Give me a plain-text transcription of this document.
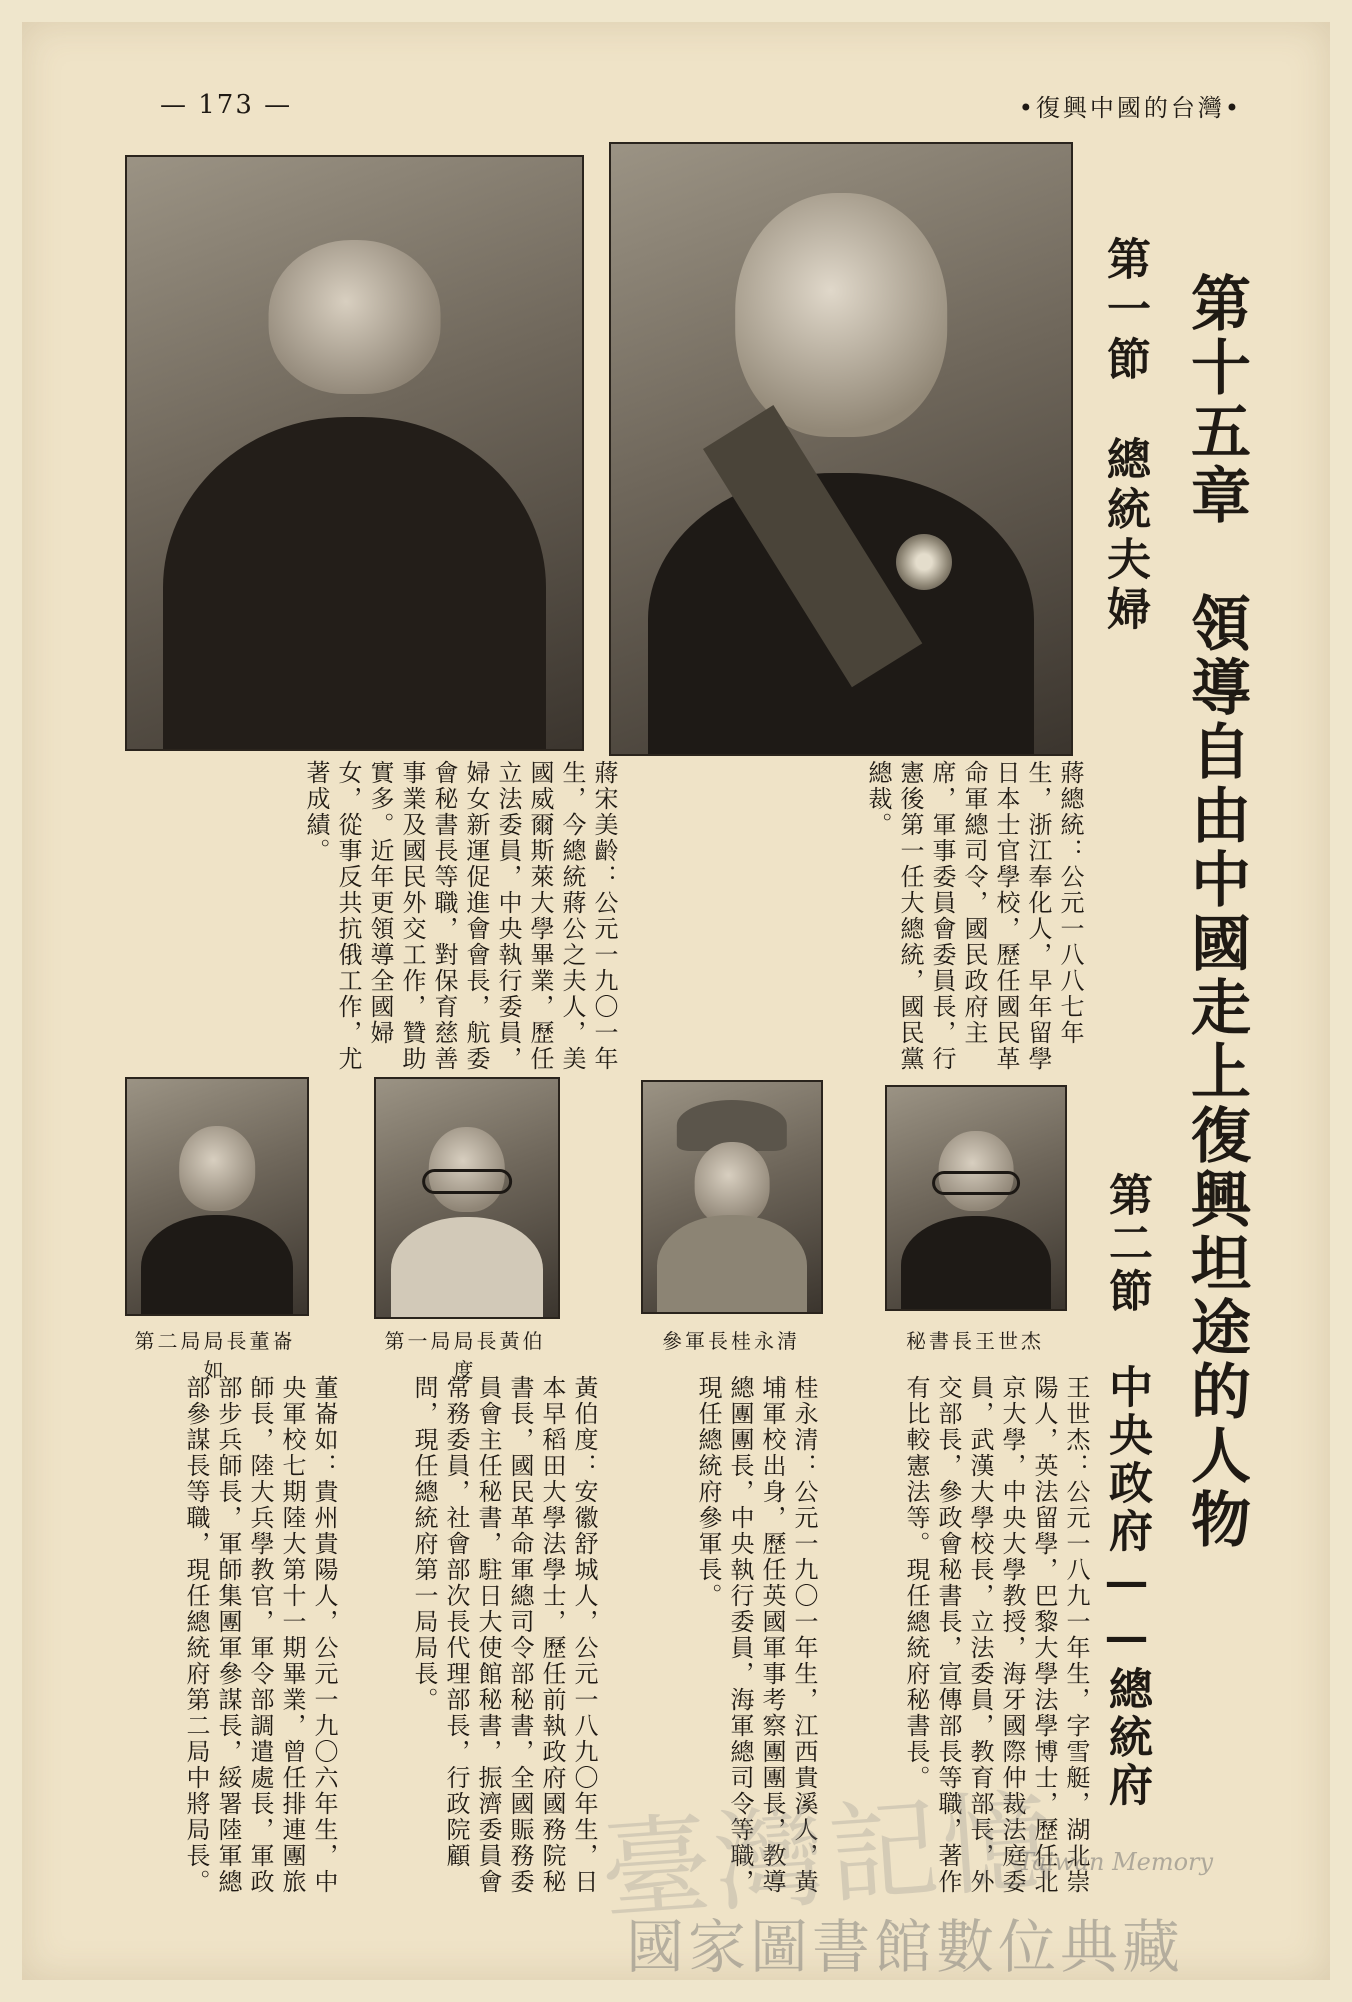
— 173 —	•復興中國的台灣•
第十五章　領導自由中國走上復興坦途的人物
第一節　總統夫婦
第二節　中央政府——總統府
蔣總統：公元一八八七年生，浙江奉化人，早年留學日本士官學校，歷任國民革命軍總司令，國民政府主席，軍事委員會委員長，行憲後第一任大總統，國民黨總裁。
蔣宋美齡：公元一九〇一年生，今總統蔣公之夫人，美國威爾斯萊大學畢業，歷任立法委員，中央執行委員，婦女新運促進會會長，航委會秘書長等職，對保育慈善事業及國民外交工作，贊助實多。近年更領導全國婦女，從事反共抗俄工作，尤著成績。
秘書長王世杰
參軍長桂永清
第一局局長黃伯度
第二局局長董崙如
王世杰：公元一八九一年生，字雪艇，湖北崇陽人，英法留學，巴黎大學法學博士，歷任北京大學，中央大學教授，海牙國際仲裁法庭委員，武漢大學校長，立法委員，教育部長，外交部長，參政會秘書長，宣傳部長等職，著作有比較憲法等。現任總統府秘書長。
桂永清：公元一九〇一年生，江西貴溪人，黃埔軍校出身，歷任英國軍事考察團團長，教導總團團長，中央執行委員，海軍總司令等職，現任總統府參軍長。
黃伯度：安徽舒城人，公元一八九〇年生，日本早稻田大學法學士，歷任前執政府國務院秘書長，國民革命軍總司令部秘書，全國賑務委員會主任秘書，駐日大使館秘書，振濟委員會常務委員，社會部次長代理部長，行政院顧問，現任總統府第一局局長。
董崙如：貴州貴陽人，公元一九〇六年生，中央軍校七期陸大第十一期畢業，曾任排連團旅師長，陸大兵學教官，軍令部調遣處長，軍政部步兵師長，軍師集團軍參謀長，綏署陸軍總部參謀長等職，現任總統府第二局中將局長。	臺灣記憶
Taiwan Memory
國家圖書館數位典藏
